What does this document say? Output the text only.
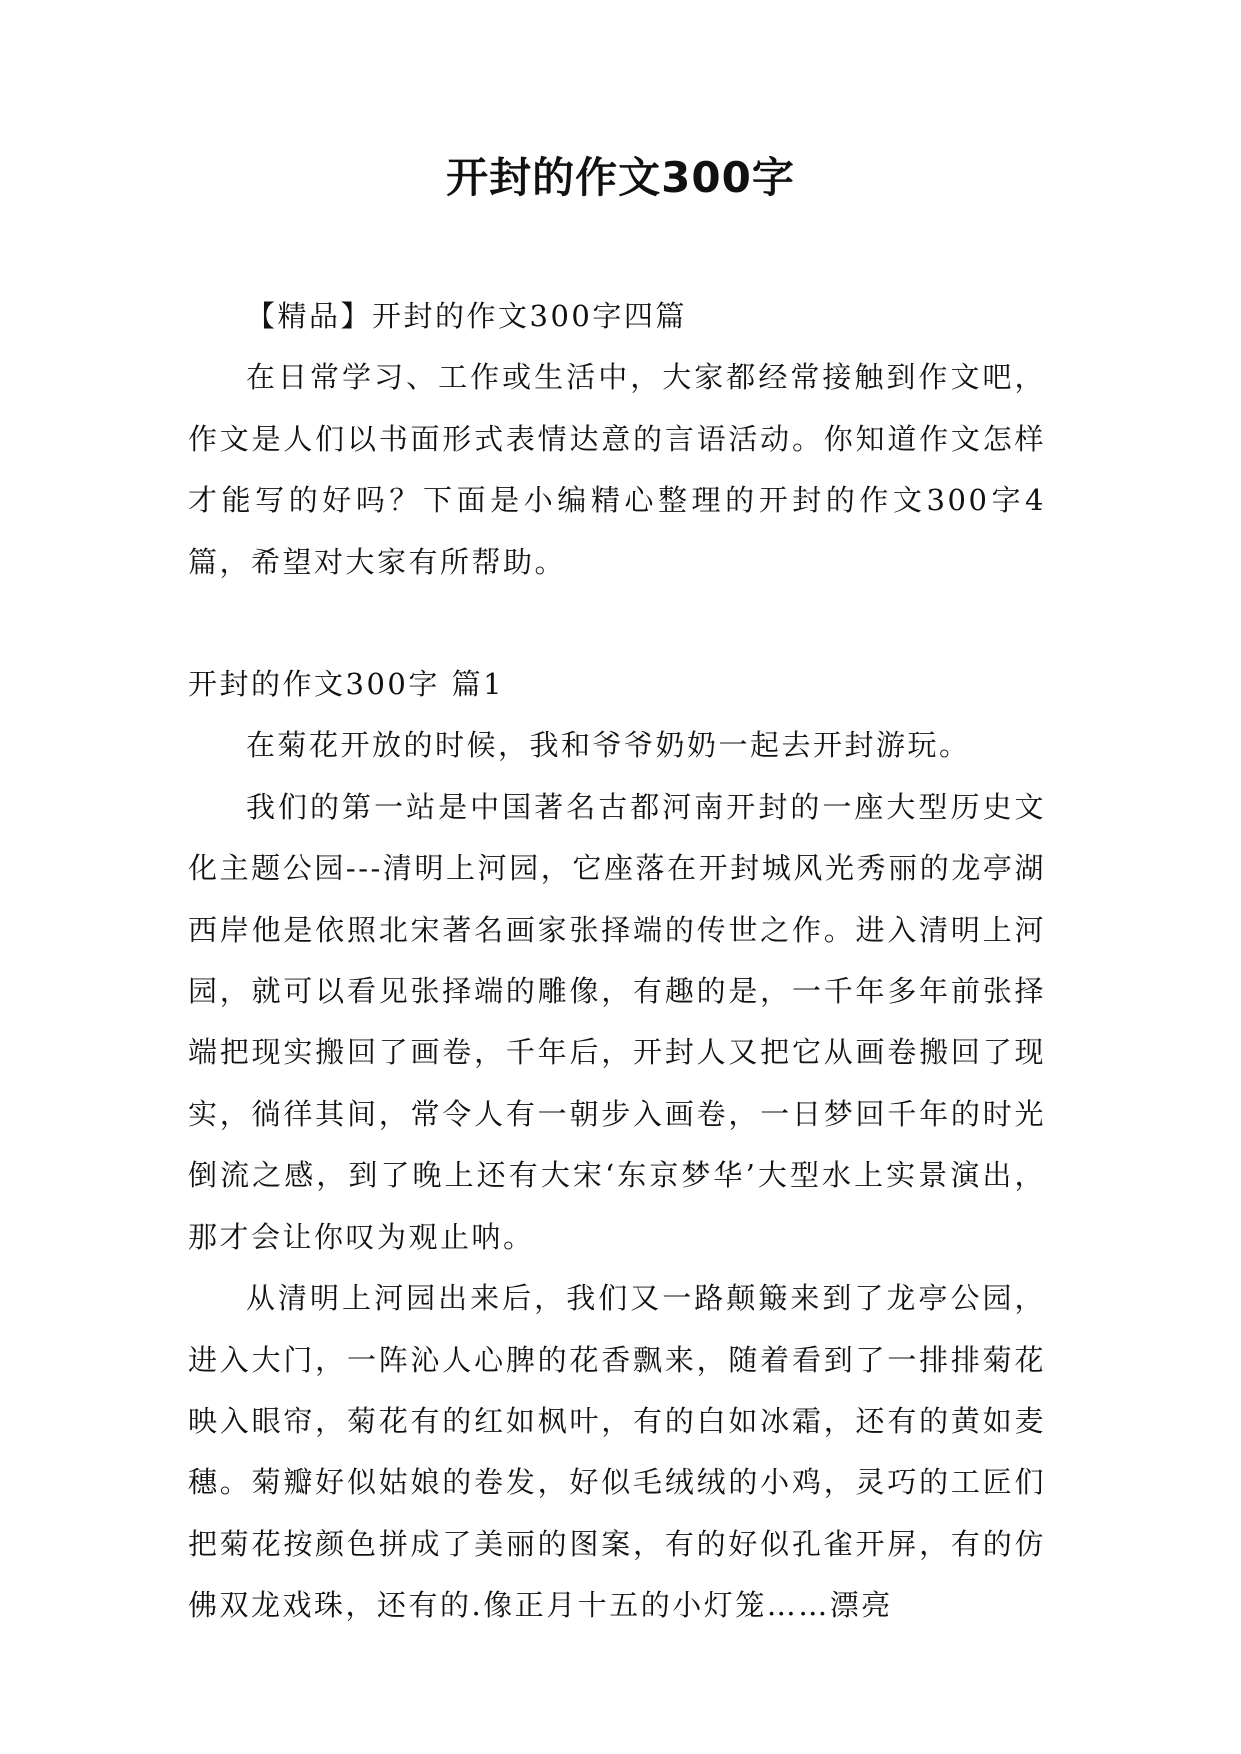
开封的作文300字

【精品】开封的作文300字四篇

在日常学习、工作或生活中，大家都经常接触到作文吧，作文是人们以书面形式表情达意的言语活动。你知道作文怎样才能写的好吗？下面是小编精心整理的开封的作文300字4篇，希望对大家有所帮助。

开封的作文300字 篇1

在菊花开放的时候，我和爷爷奶奶一起去开封游玩。

我们的第一站是中国著名古都河南开封的一座大型历史文化主题公园---清明上河园，它座落在开封城风光秀丽的龙亭湖西岸他是依照北宋著名画家张择端的传世之作。进入清明上河园，就可以看见张择端的雕像，有趣的是，一千年多年前张择端把现实搬回了画卷，千年后，开封人又把它从画卷搬回了现实，徜徉其间，常令人有一朝步入画卷，一日梦回千年的时光倒流之感，到了晚上还有大宋‘东京梦华’大型水上实景演出，那才会让你叹为观止呐。

从清明上河园出来后，我们又一路颠簸来到了龙亭公园，进入大门，一阵沁人心脾的花香飘来，随着看到了一排排菊花映入眼帘，菊花有的红如枫叶，有的白如冰霜，还有的黄如麦穗。菊瓣好似姑娘的卷发，好似毛绒绒的小鸡，灵巧的工匠们把菊花按颜色拼成了美丽的图案，有的好似孔雀开屏，有的仿佛双龙戏珠，还有的.像正月十五的小灯笼……漂亮
